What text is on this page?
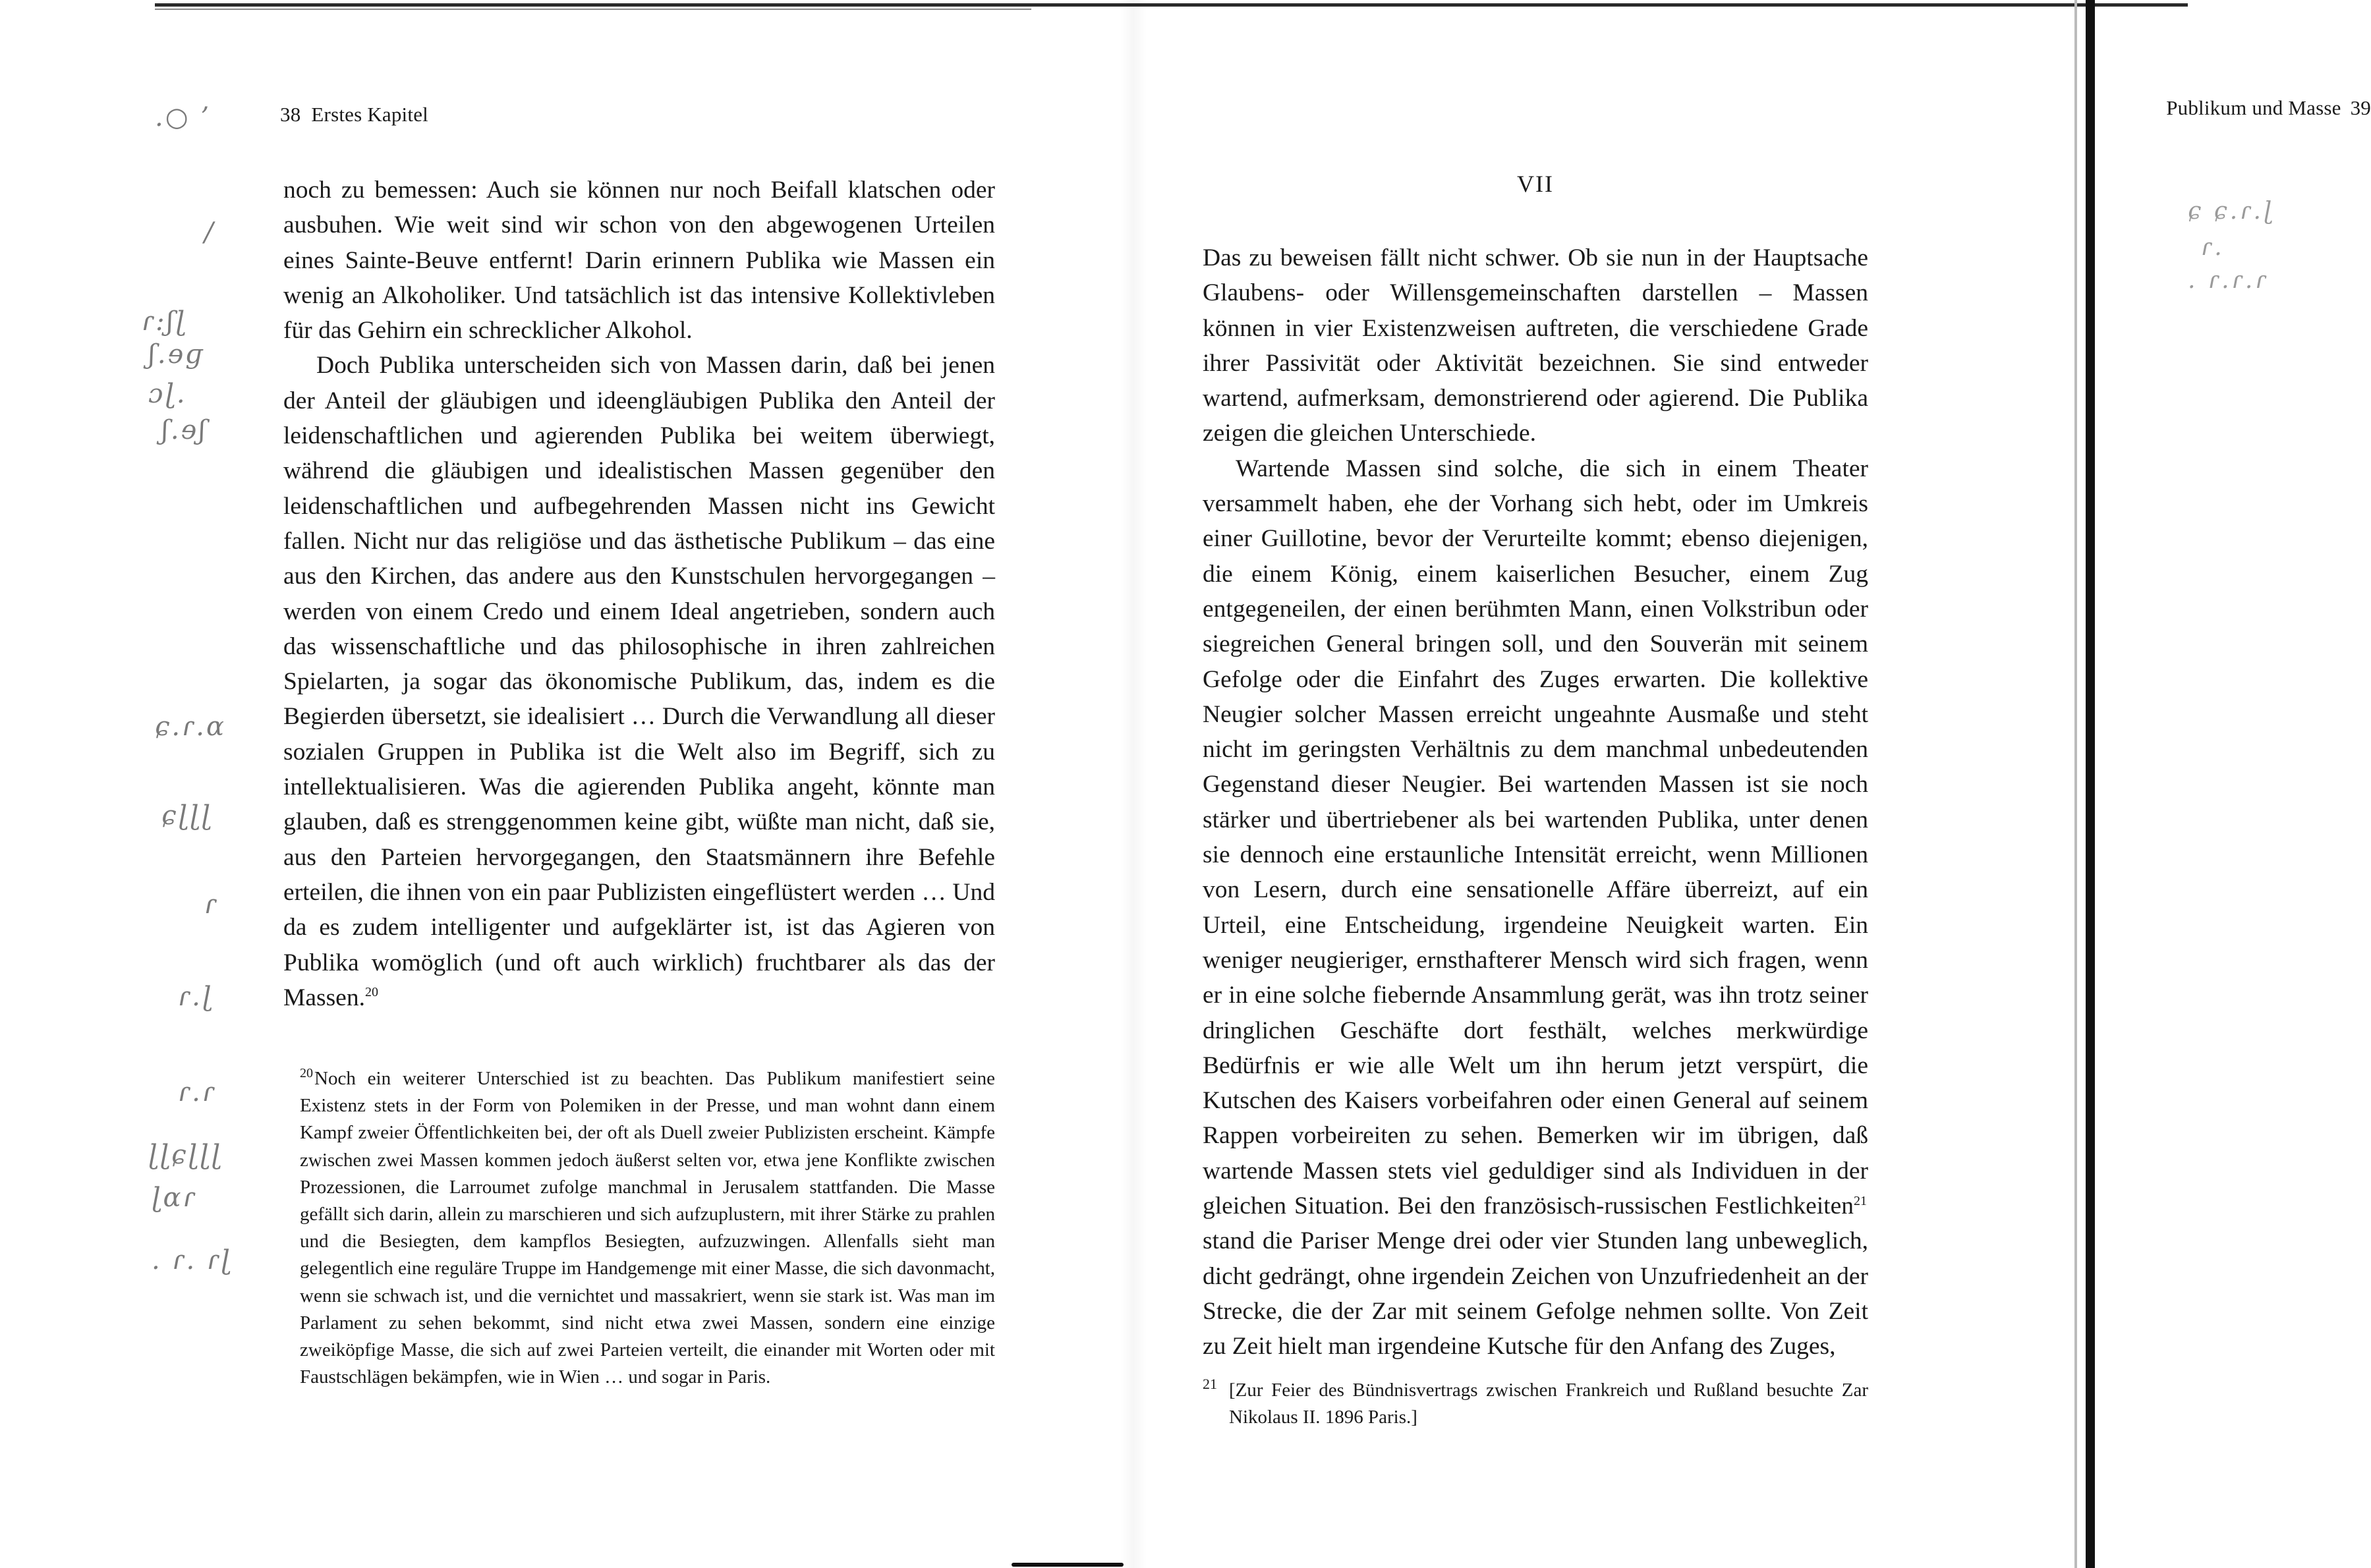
38 Erstes Kapitel
.○ ’
/
ɾ:ʃɭ
ʃ.ɘɡ
ɔɭ.
ʃ.ɘʃ
ɕ.ɾ.ɑ
ɕɭɭɭ
ɾ
ɾ.ɭ
ɾ.ɾ
ɭɭɕɭɭɭ
ɭɑɾ
. ɾ. ɾɭ

noch zu bemessen: Auch sie können nur noch Beifall klatschen oder ausbuhen. Wie weit sind wir schon von den abgewogenen Urteilen eines Sainte-Beuve entfernt! Darin erinnern Publika wie Massen ein wenig an Alkoholiker. Und tatsächlich ist das intensive Kollektivleben für das Gehirn ein schrecklicher Alkohol.

Doch Publika unterscheiden sich von Massen darin, daß bei jenen der Anteil der gläubigen und ideengläubigen Publika den Anteil der leidenschaftlichen und agierenden Publika bei weitem überwiegt, während die gläubigen und idealistischen Massen gegenüber den leidenschaftlichen und aufbegehrenden Massen nicht ins Gewicht fallen. Nicht nur das religiöse und das ästhetische Publikum – das eine aus den Kirchen, das andere aus den Kunstschulen hervorgegangen – werden von einem Credo und einem Ideal angetrieben, sondern auch das wissenschaftliche und das philosophische in ihren zahlreichen Spielarten, ja sogar das ökonomische Publikum, das, indem es die Begierden übersetzt, sie idealisiert … Durch die Verwandlung all dieser sozialen Gruppen in Publika ist die Welt also im Begriff, sich zu intellektualisieren. Was die agierenden Publika angeht, könnte man glauben, daß es strenggenommen keine gibt, wüßte man nicht, daß sie, aus den Parteien hervorgegangen, den Staatsmännern ihre Befehle erteilen, die ihnen von ein paar Publizisten eingeflüstert werden … Und da es zudem intelligenter und aufgeklärter ist, ist das Agieren von Publika womöglich (und oft auch wirklich) fruchtbarer als das der Massen.$^{20}$

$^{20}$Noch ein weiterer Unterschied ist zu beachten. Das Publikum manifestiert seine Existenz stets in der Form von Polemiken in der Presse, und man wohnt dann einem Kampf zweier Öffentlichkeiten bei, der oft als Duell zweier Publizisten erscheint. Kämpfe zwischen zwei Massen kommen jedoch äußerst selten vor, etwa jene Konflikte zwischen Prozessionen, die Larroumet zufolge manchmal in Jerusalem stattfanden. Die Masse gefällt sich darin, allein zu marschieren und sich aufzuplustern, mit ihrer Stärke zu prahlen und die Besiegten, dem kampflos Besiegten, aufzuzwingen. Allenfalls sieht man gelegentlich eine reguläre Truppe im Handgemenge mit einer Masse, die sich davonmacht, wenn sie schwach ist, und die vernichtet und massakriert, wenn sie stark ist. Was man im Parlament zu sehen bekommt, sind nicht etwa zwei Massen, sondern eine einzige zweiköpfige Masse, die sich auf zwei Parteien verteilt, die einander mit Worten oder mit Faustschlägen bekämpfen, wie in Wien … und sogar in Paris.

Publikum und Masse 39
VII
ɕ ɕ.ɾ.ɭ
ɾ.
. ɾ.ɾ.ɾ

Das zu beweisen fällt nicht schwer. Ob sie nun in der Hauptsache Glaubens- oder Willensgemeinschaften darstellen – Massen können in vier Existenzweisen auftreten, die verschiedene Grade ihrer Passivität oder Aktivität bezeichnen. Sie sind entweder wartend, aufmerksam, demonstrierend oder agierend. Die Publika zeigen die gleichen Unterschiede.

Wartende Massen sind solche, die sich in einem Theater versammelt haben, ehe der Vorhang sich hebt, oder im Umkreis einer Guillotine, bevor der Verurteilte kommt; ebenso diejenigen, die einem König, einem kaiserlichen Besucher, einem Zug entgegeneilen, der einen berühmten Mann, einen Volkstribun oder siegreichen General bringen soll, und den Souverän mit seinem Gefolge oder die Einfahrt des Zuges erwarten. Die kollektive Neugier solcher Massen erreicht ungeahnte Ausmaße und steht nicht im geringsten Verhältnis zu dem manchmal unbedeutenden Gegenstand dieser Neugier. Bei wartenden Massen ist sie noch stärker und übertriebener als bei wartenden Publika, unter denen sie dennoch eine erstaunliche Intensität erreicht, wenn Millionen von Lesern, durch eine sensationelle Affäre überreizt, auf ein Urteil, eine Entscheidung, irgendeine Neuigkeit warten. Ein weniger neugieriger, ernsthafterer Mensch wird sich fragen, wenn er in eine solche fiebernde Ansammlung gerät, was ihn trotz seiner dringlichen Geschäfte dort festhält, welches merkwürdige Bedürfnis er wie alle Welt um ihn herum jetzt verspürt, die Kutschen des Kaisers vorbeifahren oder einen General auf seinem Rappen vorbeireiten zu sehen. Bemerken wir im übrigen, daß wartende Massen stets viel geduldiger sind als Individuen in der gleichen Situation. Bei den französisch-russischen Festlichkeiten$^{21}$ stand die Pariser Menge drei oder vier Stunden lang unbeweglich, dicht gedrängt, ohne irgendein Zeichen von Unzufriedenheit an der Strecke, die der Zar mit seinem Gefolge nehmen sollte. Von Zeit zu Zeit hielt man irgendeine Kutsche für den Anfang des Zuges,

$^{21}$ [Zur Feier des Bündnisvertrags zwischen Frankreich und Rußland besuchte Zar Nikolaus II. 1896 Paris.]
